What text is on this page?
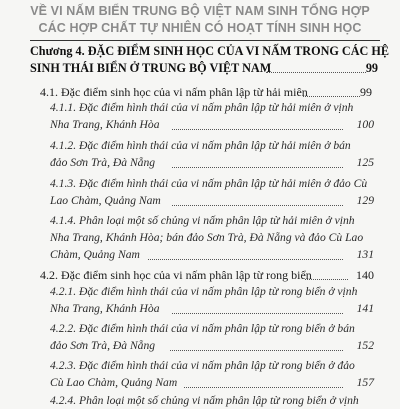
VỀ VI NẤM BIỂN TRUNG BỘ VIỆT NAM SINH TỔNG HỢP
CÁC HỢP CHẤT TỰ NHIÊN CÓ HOẠT TÍNH SINH HỌC
Chương 4. ĐẶC ĐIỂM SINH HỌC CỦA VI NẤM TRONG CÁC HỆ
SINH THÁI BIỂN Ở TRUNG BỘ VIỆT NAM	99
4.1. Đặc điểm sinh học của vi nấm phân lập từ hải miên	99
4.1.1. Đặc điểm hình thái của vi nấm phân lập từ hải miên ở vịnh
Nha Trang, Khánh Hòa	100
4.1.2. Đặc điểm hình thái của vi nấm phân lập từ hải miên ở bán
đảo Sơn Trà, Đà Nẵng	125
4.1.3. Đặc điểm hình thái của vi nấm phân lập từ hải miên ở đảo Cù
Lao Chàm, Quảng Nam	129
4.1.4. Phân loại một số chủng vi nấm phân lập từ hải miên ở vịnh
Nha Trang, Khánh Hòa; bán đảo Sơn Trà, Đà Nẵng và đảo Cù Lao
Chàm, Quảng Nam	131
4.2. Đặc điểm sinh học của vi nấm phân lập từ rong biển	140
4.2.1. Đặc điểm hình thái của vi nấm phân lập từ rong biển ở vịnh
Nha Trang, Khánh Hòa	141
4.2.2. Đặc điểm hình thái của vi nấm phân lập từ rong biển ở bán
đảo Sơn Trà, Đà Nẵng	152
4.2.3. Đặc điểm hình thái của vi nấm phân lập từ rong biển ở đảo
Cù Lao Chàm, Quảng Nam	157
4.2.4. Phân loại một số chủng vi nấm phân lập từ rong biển ở vịnh
